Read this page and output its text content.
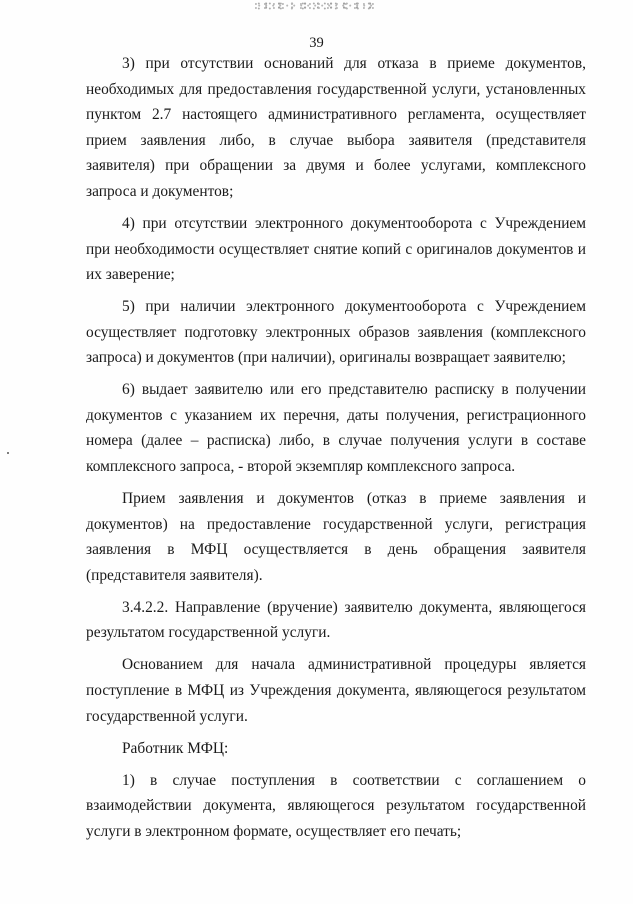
39

3) при отсутствии оснований для отказа в приеме документов, необходимых для предоставления государственной услуги, установленных пунктом 2.7 настоящего административного регламента, осуществляет прием заявления либо, в случае выбора заявителя (представителя заявителя) при обращении за двумя и более услугами, комплексного запроса и документов;

4) при отсутствии электронного документооборота с Учреждением при необходимости осуществляет снятие копий с оригиналов документов и их заверение;

5) при наличии электронного документооборота с Учреждением осуществляет подготовку электронных образов заявления (комплексного запроса) и документов (при наличии), оригиналы возвращает заявителю;

6) выдает заявителю или его представителю расписку в получении документов с указанием их перечня, даты получения, регистрационного номера (далее – расписка) либо, в случае получения услуги в составе комплексного запроса, - второй экземпляр комплексного запроса.

Прием заявления и документов (отказ в приеме заявления и документов) на предоставление государственной услуги, регистрация заявления в МФЦ осуществляется в день обращения заявителя (представителя заявителя).

3.4.2.2. Направление (вручение) заявителю документа, являющегося результатом государственной услуги.

Основанием для начала административной процедуры является поступление в МФЦ из Учреждения документа, являющегося результатом государственной услуги.

Работник МФЦ:

1) в случае поступления в соответствии с соглашением о взаимодействии документа, являющегося результатом государственной услуги в электронном формате, осуществляет его печать;
